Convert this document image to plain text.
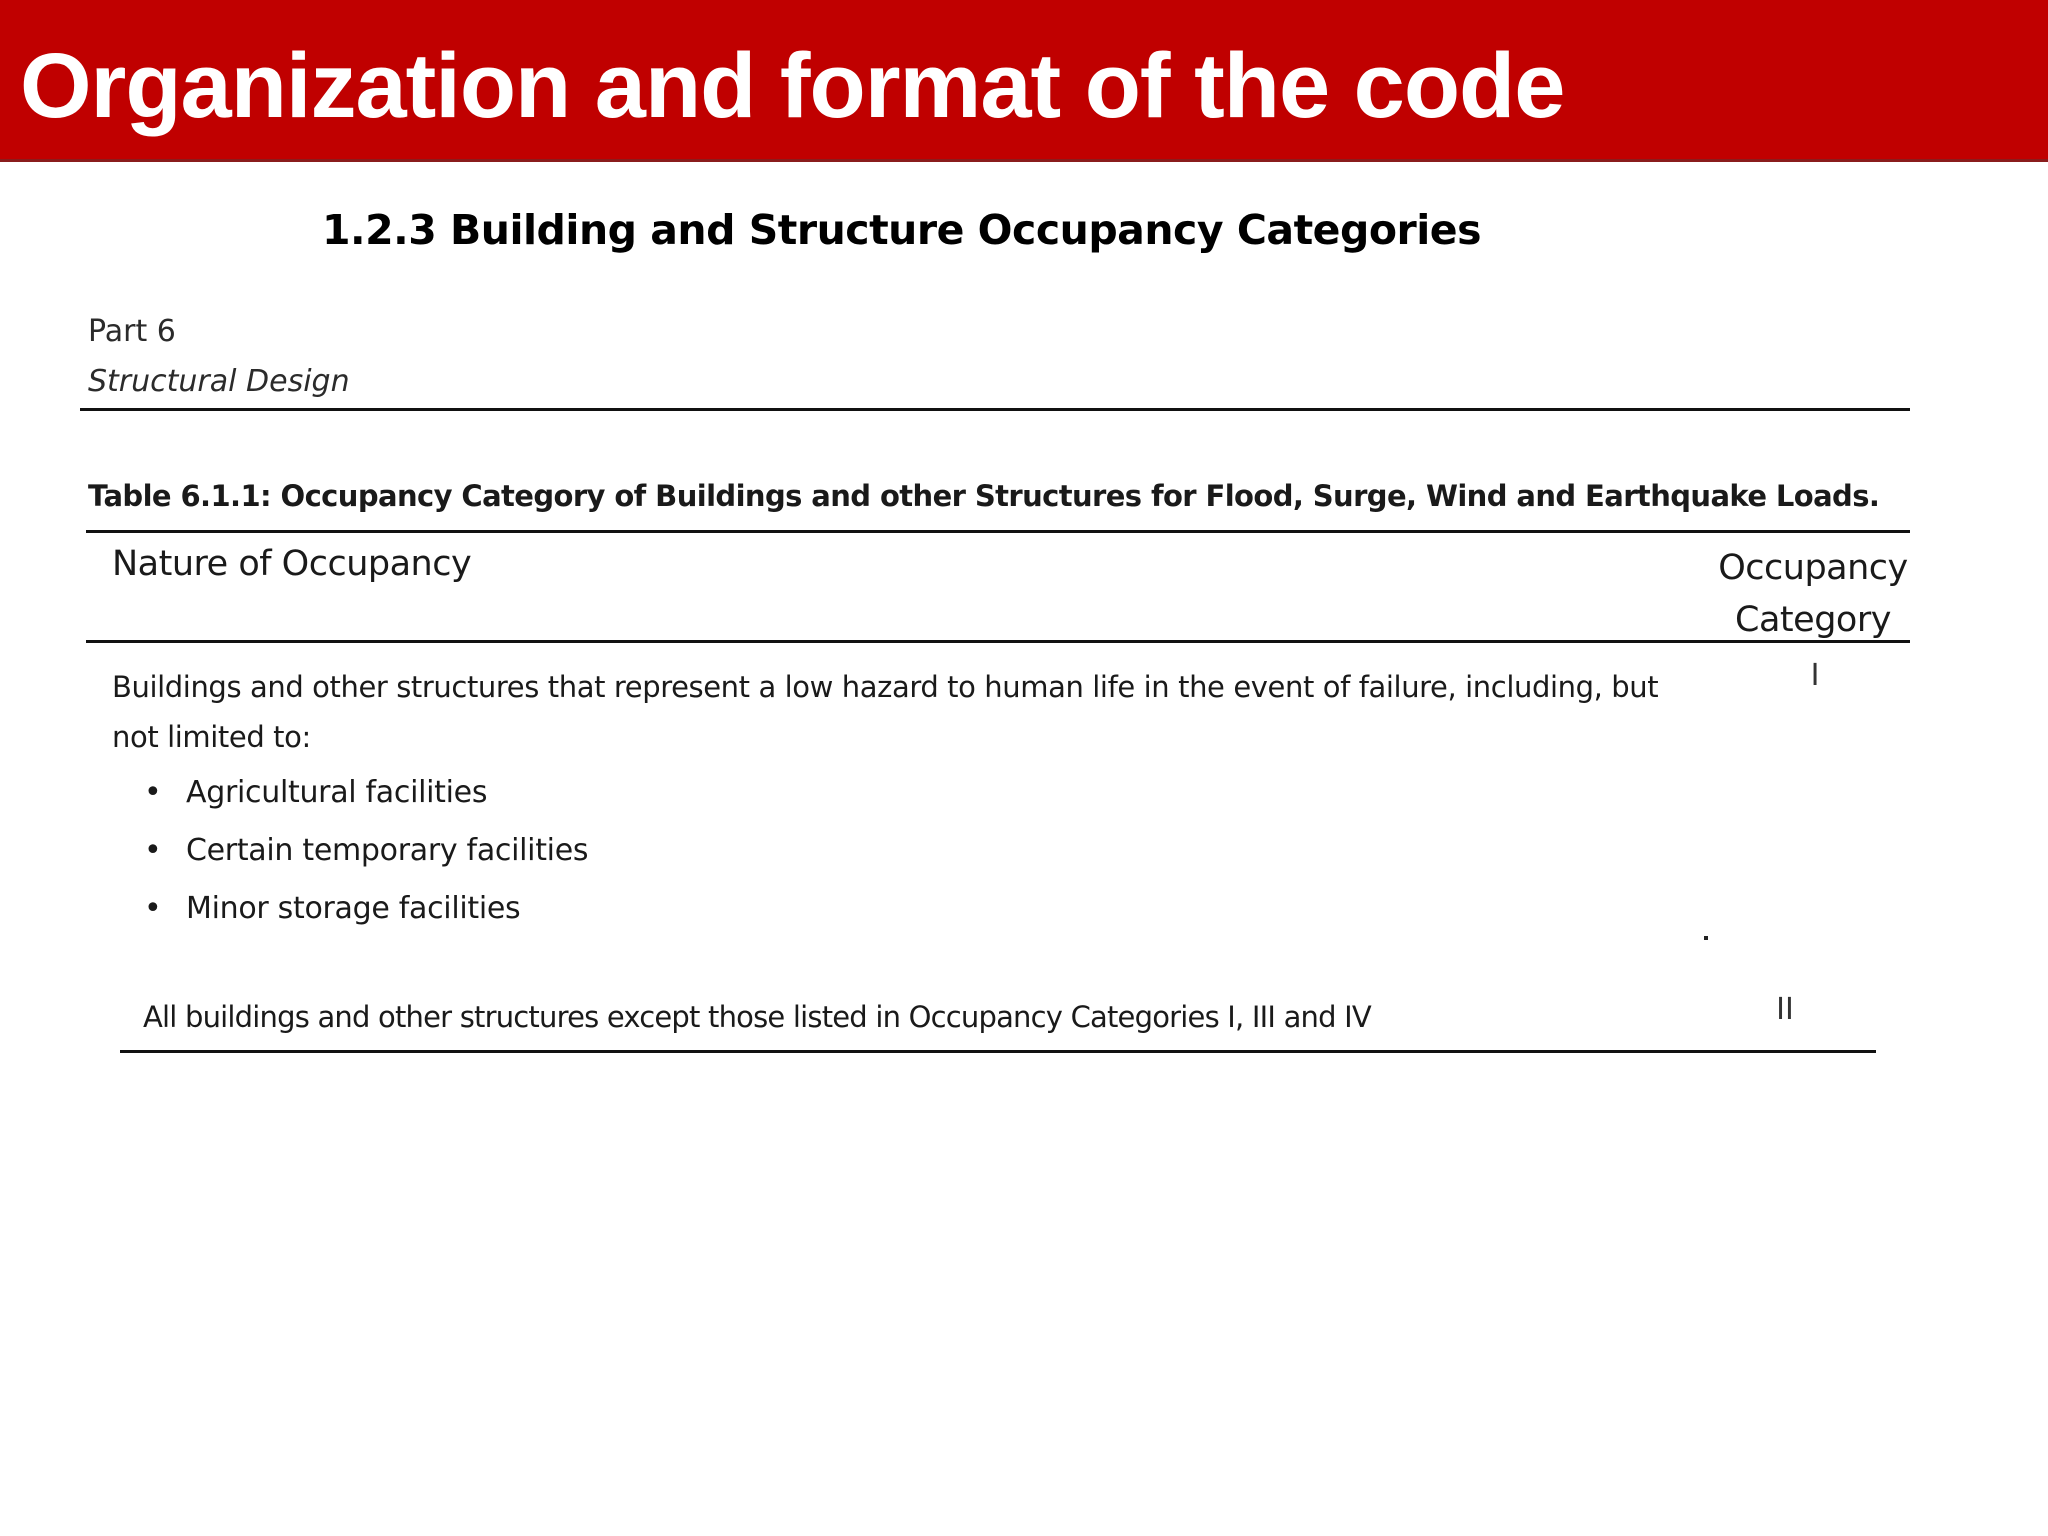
Organization and format of the code
1.2.3 Building and Structure Occupancy Categories
Part 6
Structural Design
Table 6.1.1: Occupancy Category of Buildings and other Structures for Flood, Surge, Wind and Earthquake Loads.
Nature of Occupancy	Occupancy
Category
Buildings and other structures that represent a low hazard to human life in the event of failure, including, but not limited to:
• Agricultural facilities
• Certain temporary facilities
• Minor storage facilities
I
All buildings and other structures except those listed in Occupancy Categories I, III and IV	II
